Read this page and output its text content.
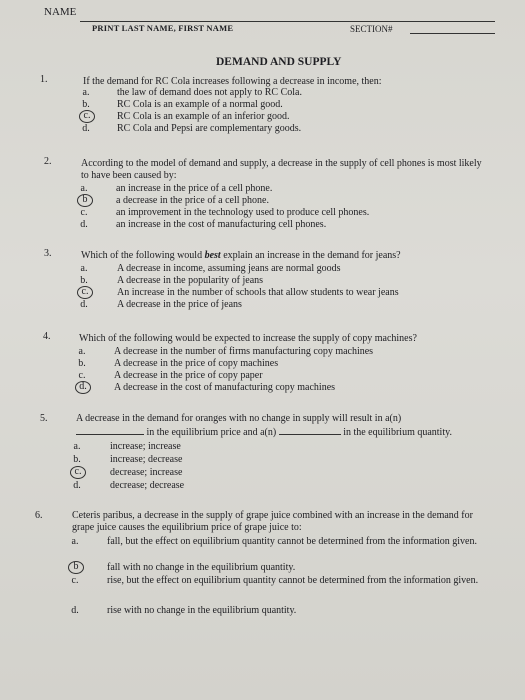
NAME
PRINT LAST NAME, FIRST NAME	SECTION#
DEMAND AND SUPPLY
1.	If the demand for RC Cola increases following a decrease in income, then:
a.	the law of demand does not apply to RC Cola.
b.	RC Cola is an example of a normal good.
c.	RC Cola is an example of an inferior good.
d.	RC Cola and Pepsi are complementary goods.
2.	According to the model of demand and supply, a decrease in the supply of cell phones is most likely to have been caused by:
a.	an increase in the price of a cell phone.
b	a decrease in the price of a cell phone.
c.	an improvement in the technology used to produce cell phones.
d.	an increase in the cost of manufacturing cell phones.
3.	Which of the following would best explain an increase in the demand for jeans?
a.	A decrease in income, assuming jeans are normal goods
b.	A decrease in the popularity of jeans
c.	An increase in the number of schools that allow students to wear jeans
d.	A decrease in the price of jeans
4.	Which of the following would be expected to increase the supply of copy machines?
a.	A decrease in the number of firms manufacturing copy machines
b.	A decrease in the price of copy machines
c.	A decrease in the price of copy paper
d.	A decrease in the cost of manufacturing copy machines
5.	A decrease in the demand for oranges with no change in supply will result in a(n)
in the equilibrium price and a(n)	in the equilibrium quantity.
a.	increase; increase
b.	increase; decrease
c.	decrease; increase
d.	decrease; decrease
6.	Ceteris paribus, a decrease in the supply of grape juice combined with an increase in the demand for grape juice causes the equilibrium price of grape juice to:
a.	fall, but the effect on equilibrium quantity cannot be determined from the information given.
b	fall with no change in the equilibrium quantity.
c.	rise, but the effect on equilibrium quantity cannot be determined from the information given.
d.	rise with no change in the equilibrium quantity.
